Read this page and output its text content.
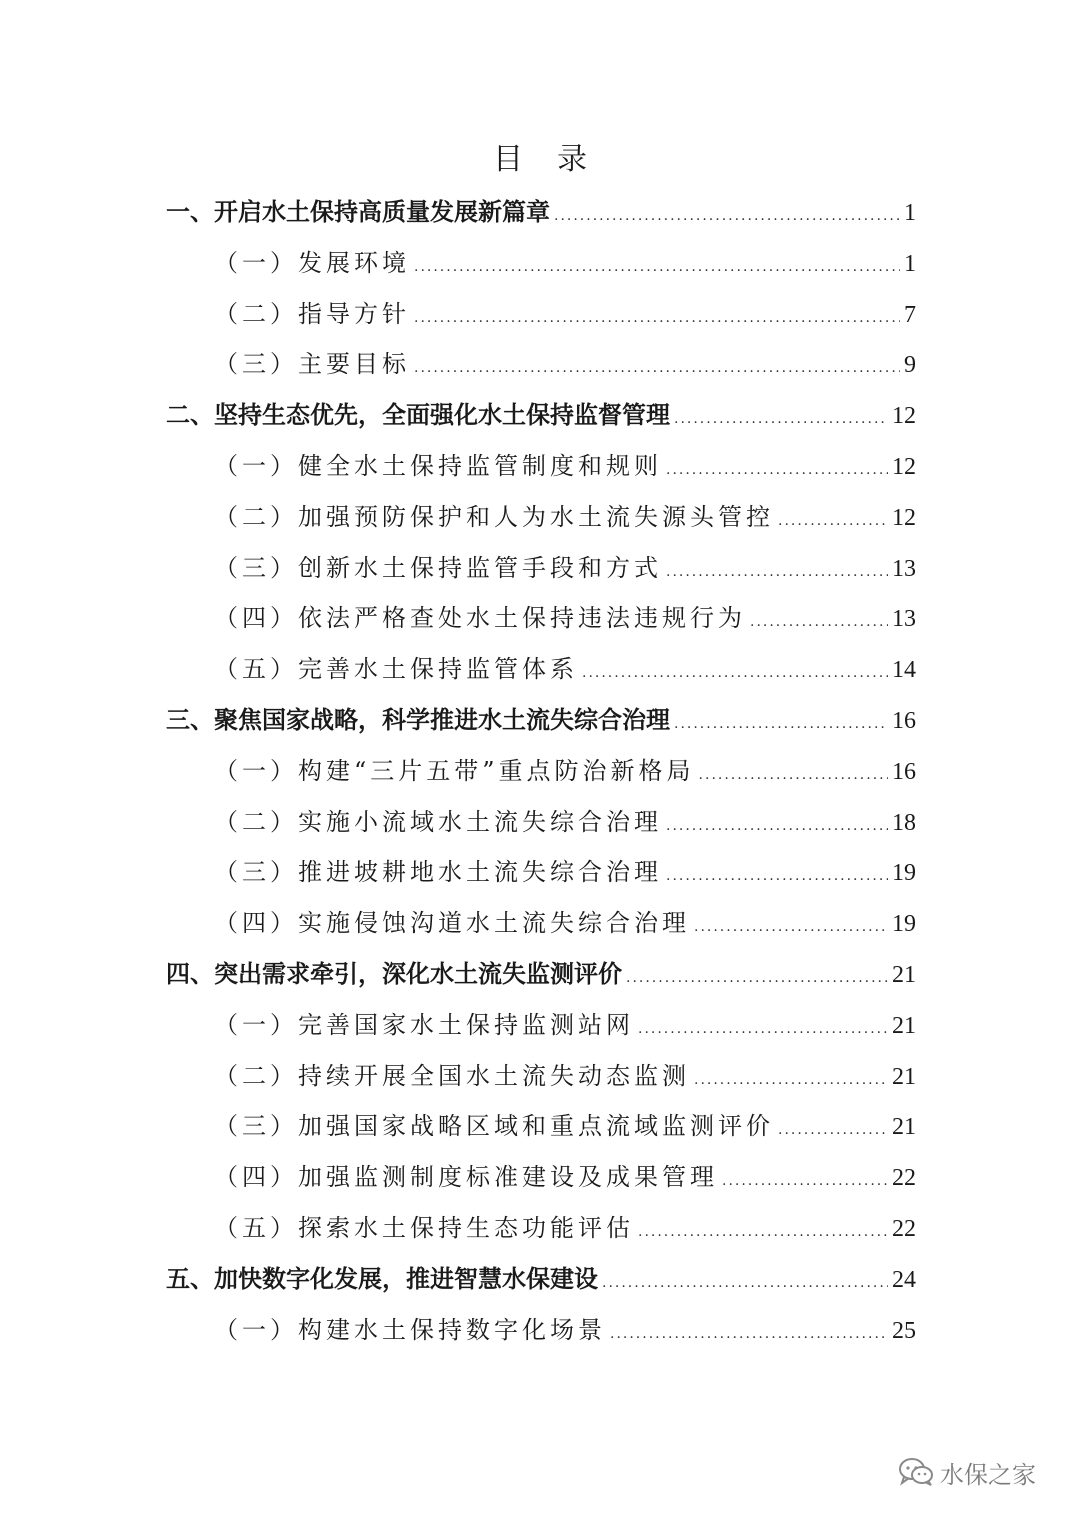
目 录
一、开启水土保持高质量发展新篇章 .....	1
（一）发展环境 .....	1
（二）指导方针 .....	7
（三）主要目标 .....	9
二、坚持生态优先，全面强化水土保持监督管理 .....	12
（一）健全水土保持监管制度和规则 .....	12
（二）加强预防保护和人为水土流失源头管控 .....	12
（三）创新水土保持监管手段和方式 .....	13
（四）依法严格查处水土保持违法违规行为 .....	13
（五）完善水土保持监管体系 .....	14
三、聚焦国家战略，科学推进水土流失综合治理 .....	16
（一）构建“三片五带”重点防治新格局 .....	16
（二）实施小流域水土流失综合治理 .....	18
（三）推进坡耕地水土流失综合治理 .....	19
（四）实施侵蚀沟道水土流失综合治理 .....	19
四、突出需求牵引，深化水土流失监测评价 .....	21
（一）完善国家水土保持监测站网 .....	21
（二）持续开展全国水土流失动态监测 .....	21
（三）加强国家战略区域和重点流域监测评价 .....	21
（四）加强监测制度标准建设及成果管理 .....	22
（五）探索水土保持生态功能评估 .....	22
五、加快数字化发展，推进智慧水保建设 .....	24
（一）构建水土保持数字化场景 .....	25
水保之家
